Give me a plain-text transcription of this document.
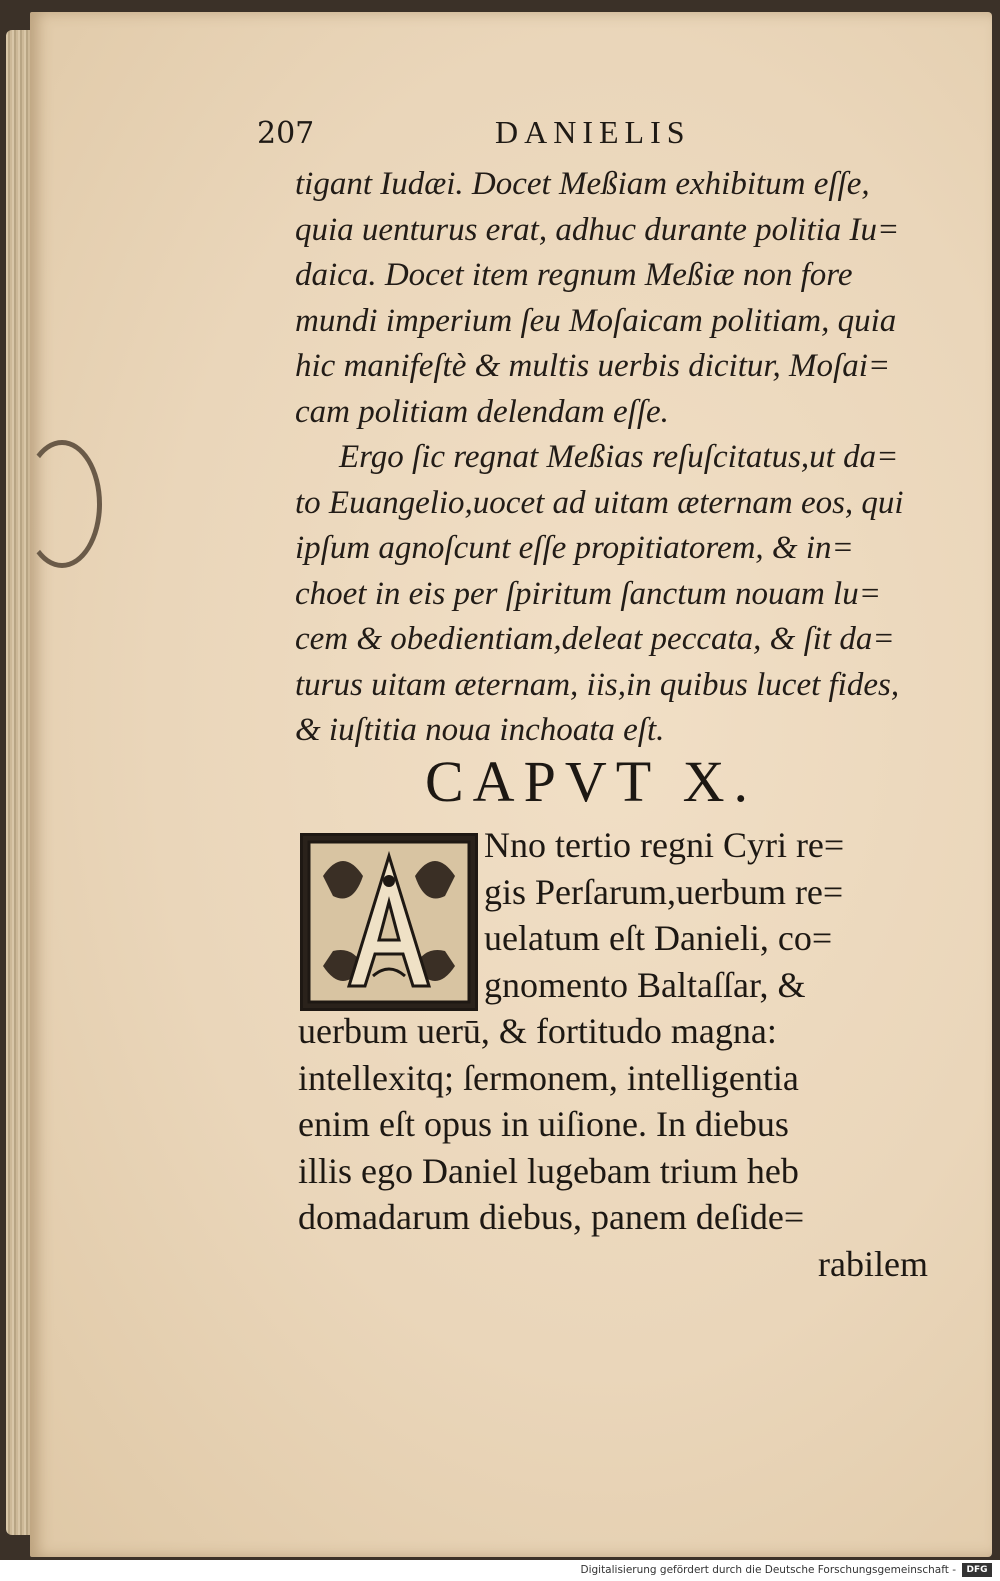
207	DANIELIS
tigant Iudæi. Docet Meßiam exhibitum eſſe,
quia uenturus erat, adhuc durante politia Iu=
daica. Docet item regnum Meßiæ non fore
mundi imperium ſeu Moſaicam politiam, quia
hic manifeſtè & multis uerbis dicitur, Moſai=
cam politiam delendam eſſe.
Ergo ſic regnat Meßias reſuſcitatus,ut da=
to Euangelio,uocet ad uitam æternam eos, qui
ipſum agnoſcunt eſſe propitiatorem, & in=
choet in eis per ſpiritum ſanctum nouam lu=
cem & obedientiam,deleat peccata, & ſit da=
turus uitam æternam, iis,in quibus lucet fides,
& iuſtitia noua inchoata eſt.
CAPVT X.
Nno tertio regni Cyri re=
gis Perſarum,uerbum re=
uelatum eſt Danieli, co=
gnomento Baltaſſar, &
uerbum uerū, & fortitudo magna:
intellexitq; ſermonem, intelligentia
enim eſt opus in uiſione. In diebus
illis ego Daniel lugebam trium heb
domadarum diebus, panem deſide=
rabilem
Digitalisierung gefördert durch die Deutsche Forschungsgemeinschaft -	DFG
